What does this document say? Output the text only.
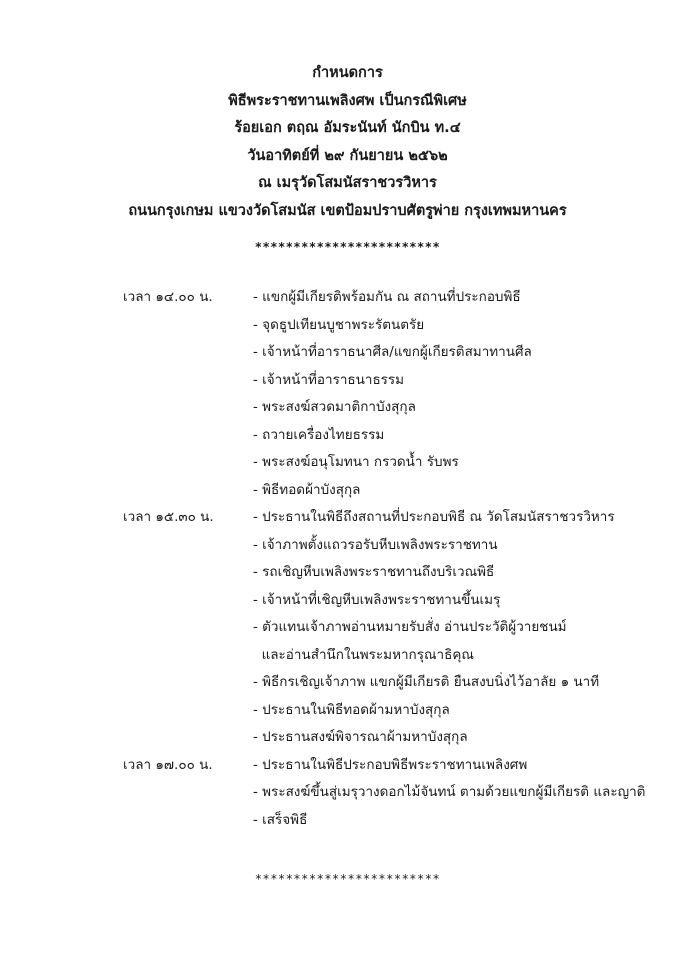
กำหนดการ
พิธีพระราชทานเพลิงศพ เป็นกรณีพิเศษ
ร้อยเอก ตฤณ อัมระนันท์ นักบิน ท.๔
วันอาทิตย์ที่ ๒๙ กันยายน ๒๕๖๒
ณ เมรุวัดโสมนัสราชวรวิหาร
ถนนกรุงเกษม แขวงวัดโสมนัส เขตป้อมปราบศัตรูพ่าย กรุงเทพมหานคร
************************
เวลา ๑๔.๐๐ น.	- แขกผู้มีเกียรติพร้อมกัน ณ สถานที่ประกอบพิธี
- จุดธูปเทียนบูชาพระรัตนตรัย
- เจ้าหน้าที่อาราธนาศีล/แขกผู้เกียรติสมาทานศีล
- เจ้าหน้าที่อาราธนาธรรม
- พระสงฆ์สวดมาติกาบังสุกุล
- ถวายเครื่องไทยธรรม
- พระสงฆ์อนุโมทนา กรวดน้ำ รับพร
- พิธีทอดผ้าบังสุกุล
เวลา ๑๕.๓๐ น.	- ประธานในพิธีถึงสถานที่ประกอบพิธี ณ วัดโสมนัสราชวรวิหาร
- เจ้าภาพตั้งแถวรอรับหีบเพลิงพระราชทาน
- รถเชิญหีบเพลิงพระราชทานถึงบริเวณพิธี
- เจ้าหน้าที่เชิญหีบเพลิงพระราชทานขึ้นเมรุ
- ตัวแทนเจ้าภาพอ่านหมายรับสั่ง อ่านประวัติผู้วายชนม์
และอ่านสำนึกในพระมหากรุณาธิคุณ
- พิธีกรเชิญเจ้าภาพ แขกผู้มีเกียรติ ยืนสงบนิ่งไว้อาลัย ๑ นาที
- ประธานในพิธีทอดผ้ามหาบังสุกุล
- ประธานสงฆ์พิจารณาผ้ามหาบังสุกุล
เวลา ๑๗.๐๐ น.	- ประธานในพิธีประกอบพิธีพระราชทานเพลิงศพ
- พระสงฆ์ขึ้นสู่เมรุวางดอกไม้จันทน์ ตามด้วยแขกผู้มีเกียรติ และญาติ
- เสร็จพิธี
************************
